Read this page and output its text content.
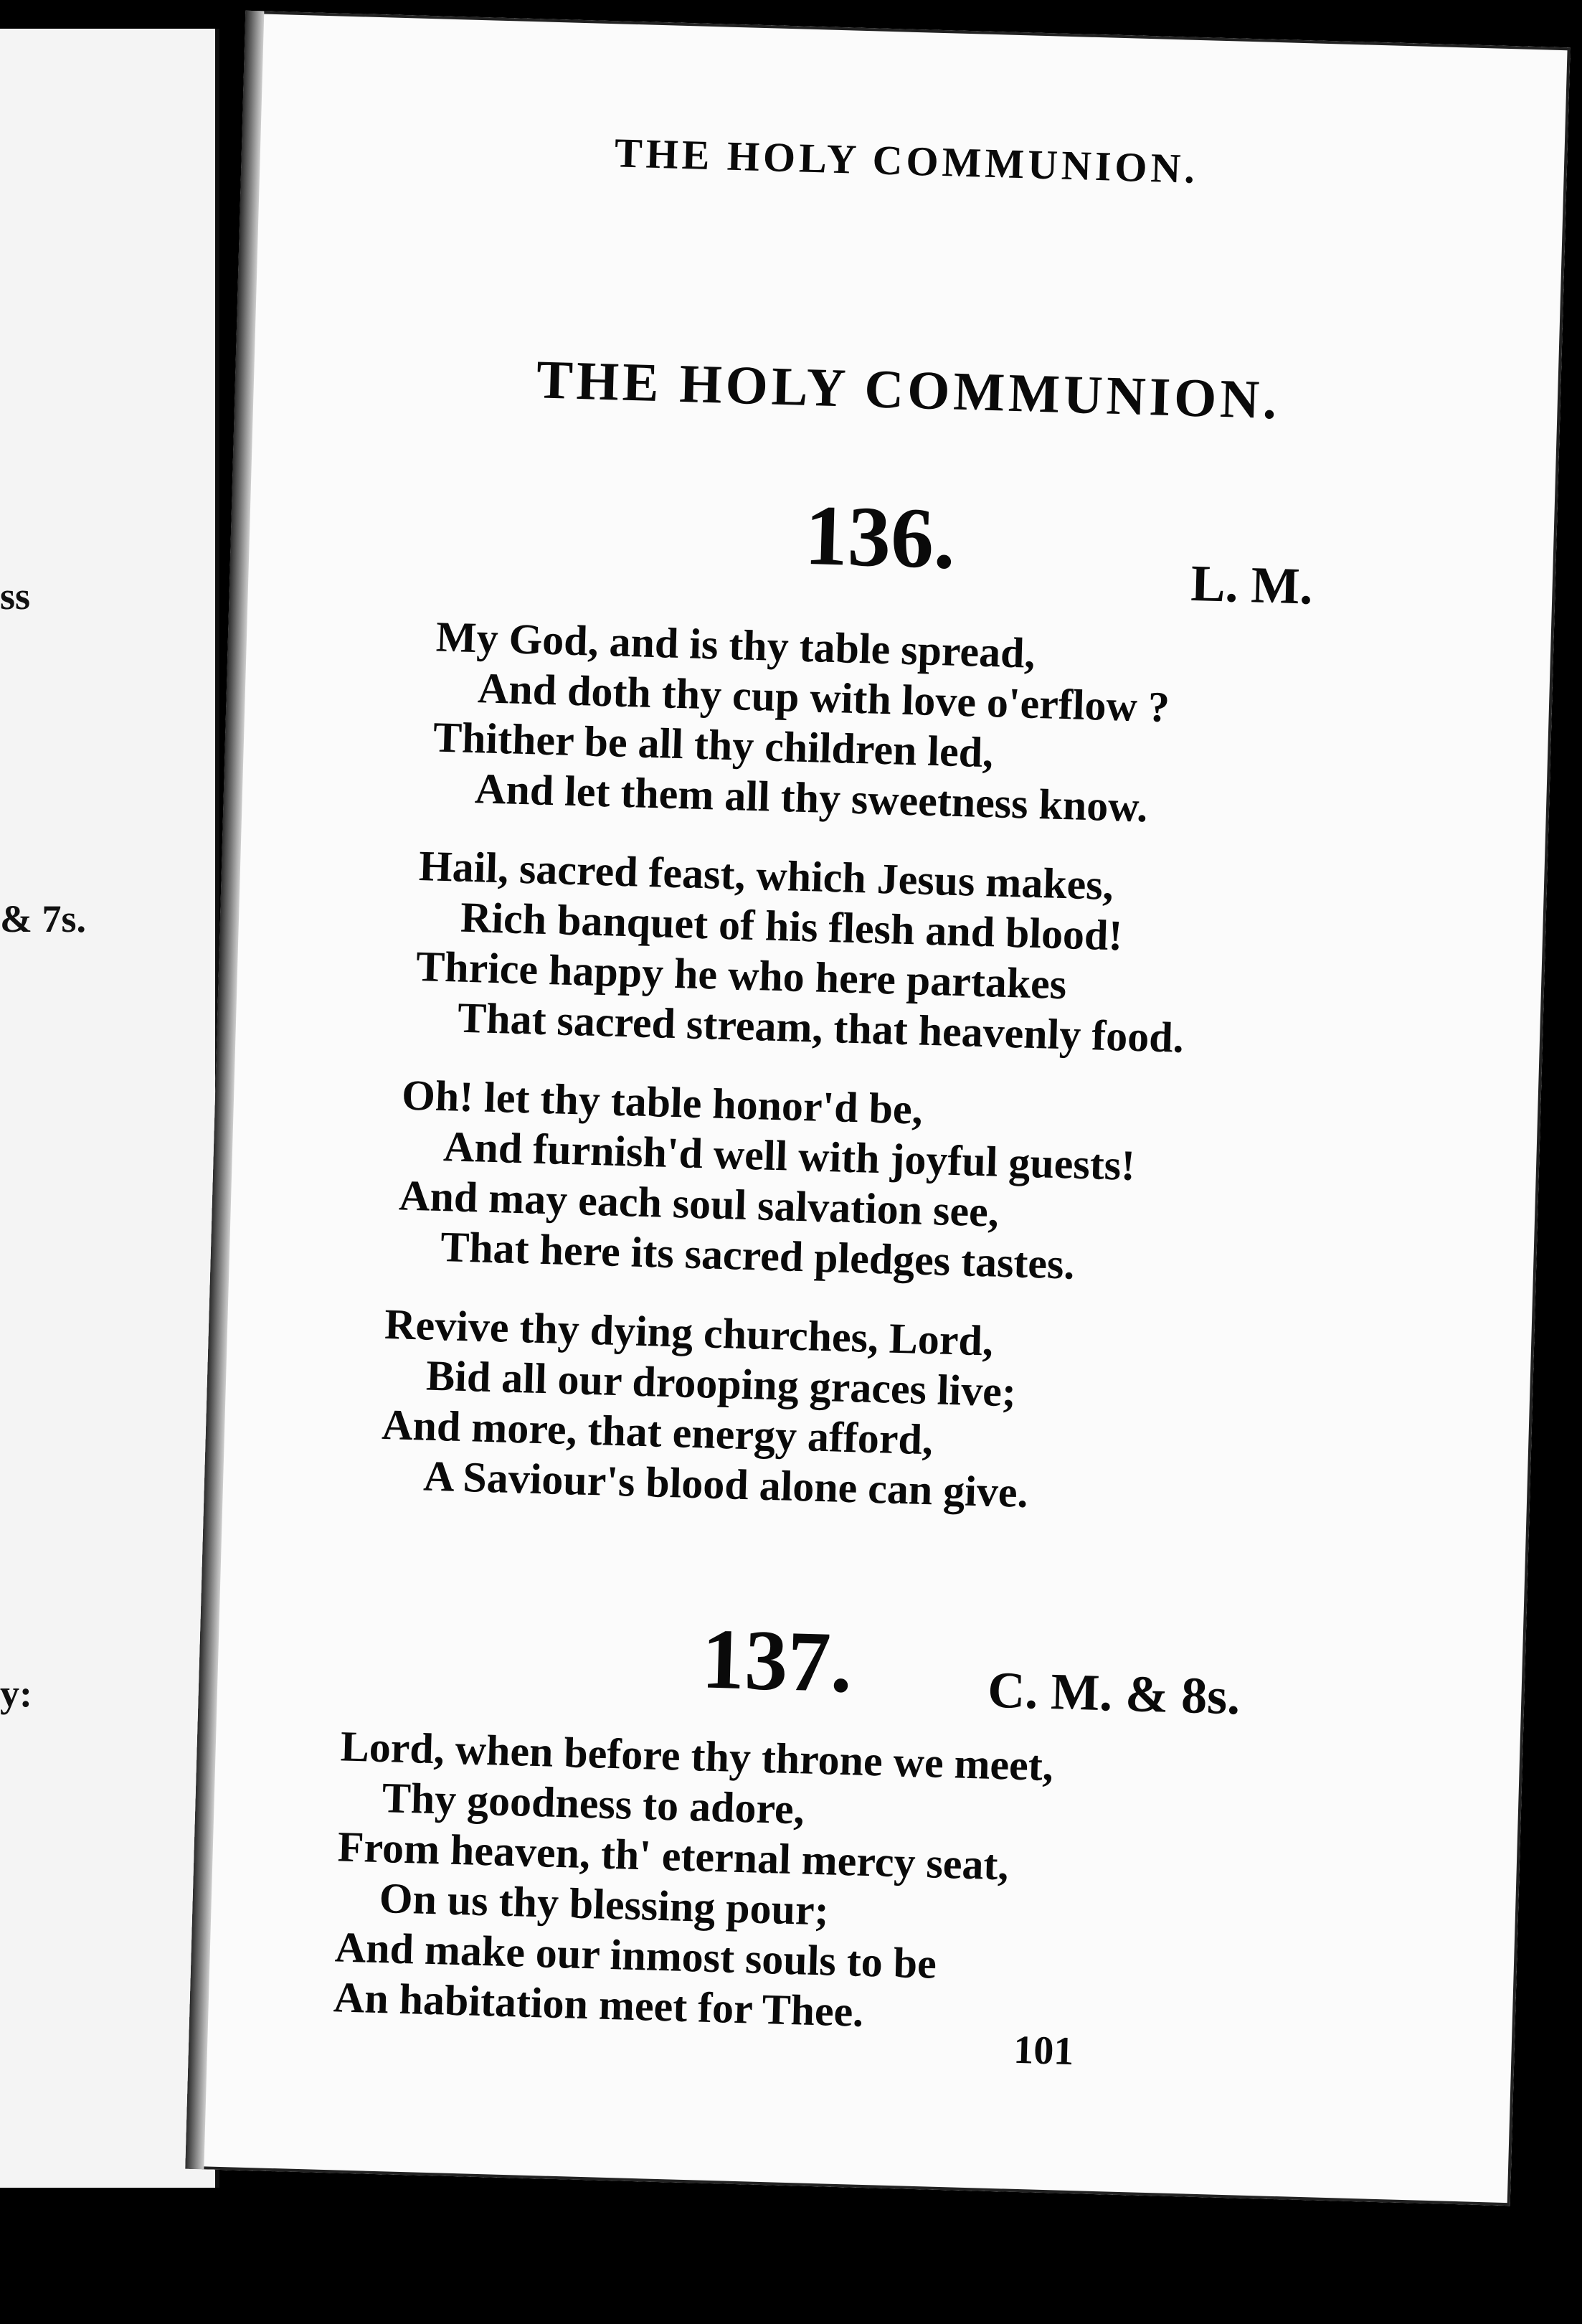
ss
& 7s.
y:
THE HOLY COMMUNION.
THE HOLY COMMUNION.
136.	L. M.
My God, and is thy table spread,
And doth thy cup with love o'erflow ?
Thither be all thy children led,
And let them all thy sweetness know.
Hail, sacred feast, which Jesus makes,
Rich banquet of his flesh and blood!
Thrice happy he who here partakes
That sacred stream, that heavenly food.
Oh! let thy table honor'd be,
And furnish'd well with joyful guests!
And may each soul salvation see,
That here its sacred pledges tastes.
Revive thy dying churches, Lord,
Bid all our drooping graces live;
And more, that energy afford,
A Saviour's blood alone can give.
137.	C. M. & 8s.
Lord, when before thy throne we meet,
Thy goodness to adore,
From heaven, th' eternal mercy seat,
On us thy blessing pour;
And make our inmost souls to be
An habitation meet for Thee.
101
